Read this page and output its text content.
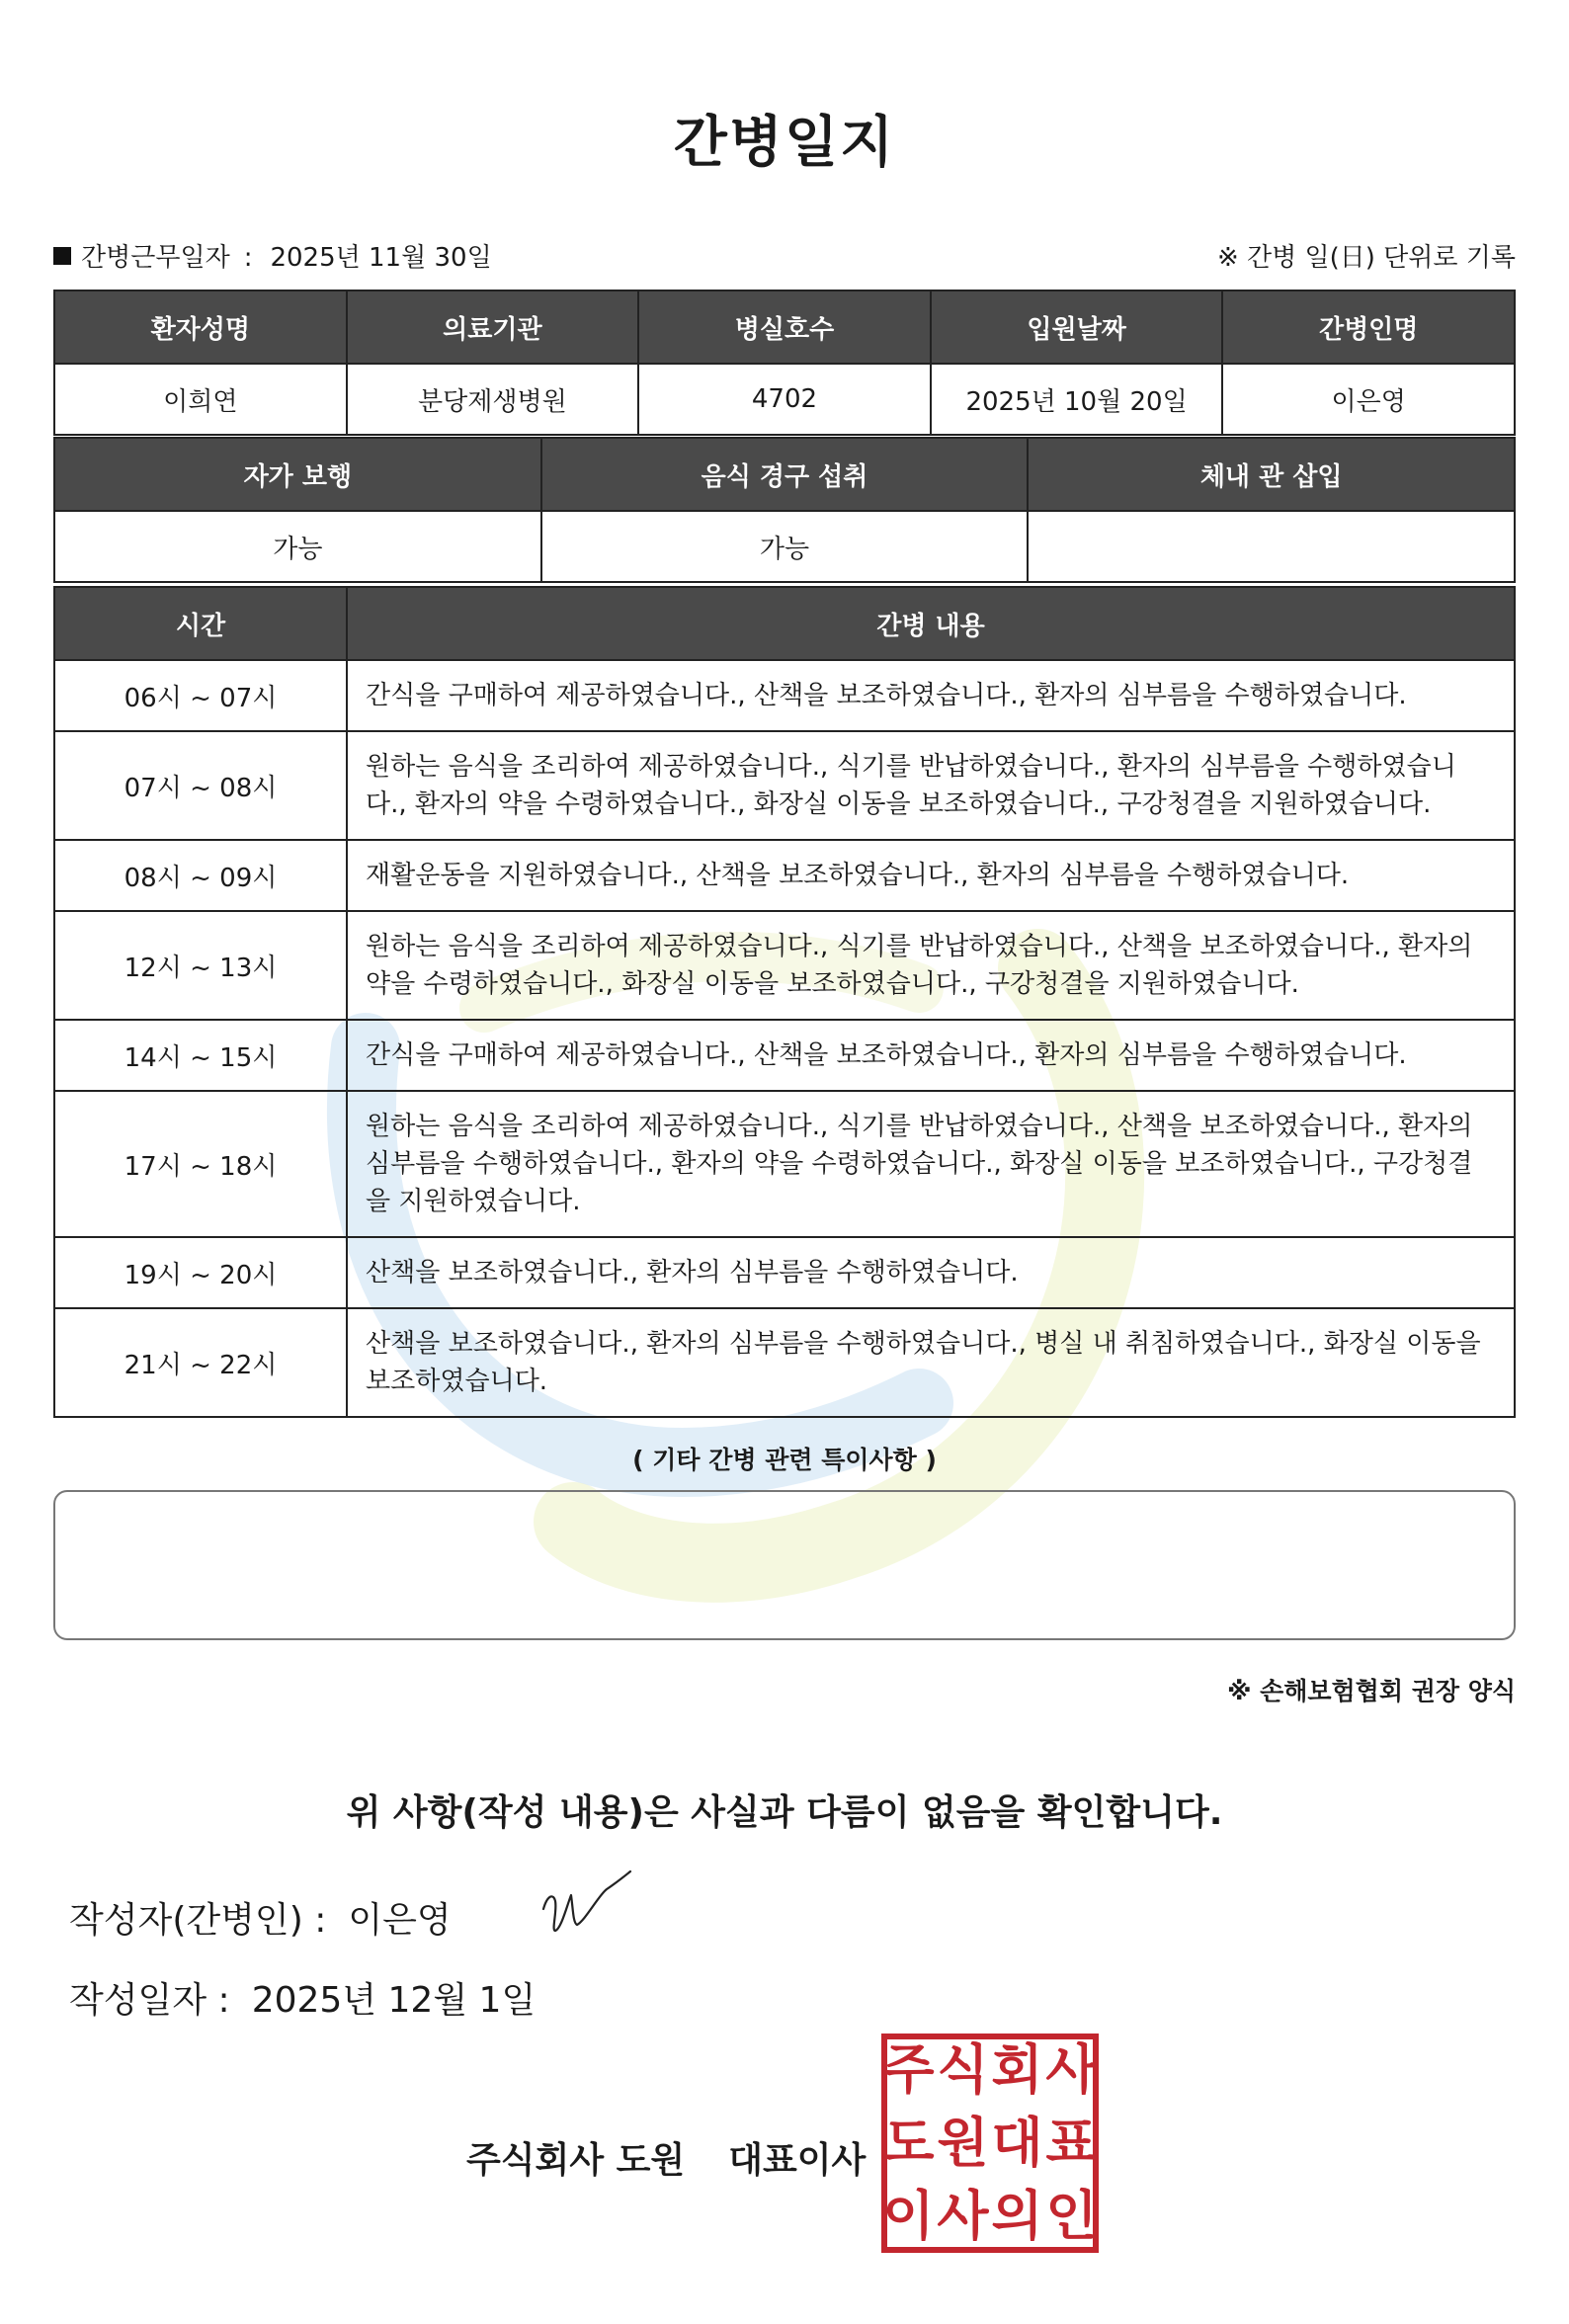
간병일지
간병근무일자 : 2025년 11월 30일	※ 간병 일(日) 단위로 기록
환자성명	의료기관	병실호수	입원날짜	간병인명
이희연	분당제생병원	4702	2025년 10월 20일	이은영
자가 보행	음식 경구 섭취	체내 관 삽입
가능	가능	
시간	간병 내용
06시 ~ 07시	간식을 구매하여 제공하였습니다., 산책을 보조하였습니다., 환자의 심부름을 수행하였습니다.
07시 ~ 08시	원하는 음식을 조리하여 제공하였습니다., 식기를 반납하였습니다., 환자의 심부름을 수행하였습니다., 환자의 약을 수령하였습니다., 화장실 이동을 보조하였습니다., 구강청결을 지원하였습니다.
08시 ~ 09시	재활운동을 지원하였습니다., 산책을 보조하였습니다., 환자의 심부름을 수행하였습니다.
12시 ~ 13시	원하는 음식을 조리하여 제공하였습니다., 식기를 반납하였습니다., 산책을 보조하였습니다., 환자의 약을 수령하였습니다., 화장실 이동을 보조하였습니다., 구강청결을 지원하였습니다.
14시 ~ 15시	간식을 구매하여 제공하였습니다., 산책을 보조하였습니다., 환자의 심부름을 수행하였습니다.
17시 ~ 18시	원하는 음식을 조리하여 제공하였습니다., 식기를 반납하였습니다., 산책을 보조하였습니다., 환자의 심부름을 수행하였습니다., 환자의 약을 수령하였습니다., 화장실 이동을 보조하였습니다., 구강청결을 지원하였습니다.
19시 ~ 20시	산책을 보조하였습니다., 환자의 심부름을 수행하였습니다.
21시 ~ 22시	산책을 보조하였습니다., 환자의 심부름을 수행하였습니다., 병실 내 취침하였습니다., 화장실 이동을 보조하였습니다.
( 기타 간병 관련 특이사항 )
※ 손해보험협회 권장 양식
위 사항(작성 내용)은 사실과 다름이 없음을 확인합니다.
작성자(간병인) : 이은영
작성일자 : 2025년 12월 1일
주식회사 도원 대표이사
주 식 회 사
도 원 대 표
이 사 의 인
